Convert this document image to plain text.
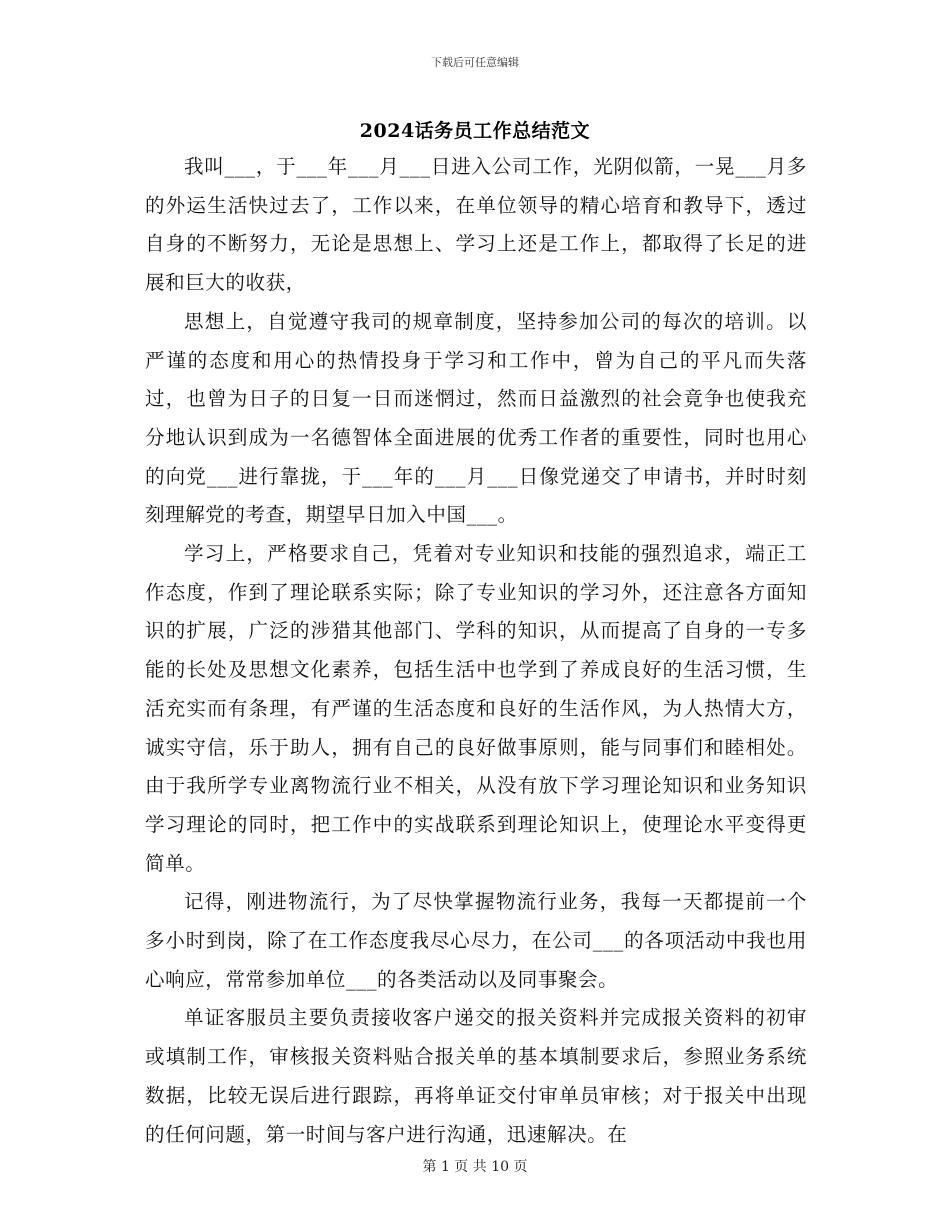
下载后可任意编辑
2024话务员工作总结范文

我叫___，于___年___月___日进入公司工作，光阴似箭，一晃___月多的外运生活快过去了，工作以来，在单位领导的精心培育和教导下，透过自身的不断努力，无论是思想上、学习上还是工作上，都取得了长足的进展和巨大的收获，

思想上，自觉遵守我司的规章制度，坚持参加公司的每次的培训。以严谨的态度和用心的热情投身于学习和工作中，曾为自己的平凡而失落过，也曾为日子的日复一日而迷惘过，然而日益激烈的社会竟争也使我充分地认识到成为一名德智体全面进展的优秀工作者的重要性，同时也用心的向党___进行靠拢，于___年的___月___日像党递交了申请书，并时时刻刻理解党的考查，期望早日加入中国___。

学习上，严格要求自己，凭着对专业知识和技能的强烈追求，端正工作态度，作到了理论联系实际；除了专业知识的学习外，还注意各方面知识的扩展，广泛的涉猎其他部门、学科的知识，从而提高了自身的一专多能的长处及思想文化素养，包括生活中也学到了养成良好的生活习惯，生活充实而有条理，有严谨的生活态度和良好的生活作风，为人热情大方，诚实守信，乐于助人，拥有自己的良好做事原则，能与同事们和睦相处。由于我所学专业离物流行业不相关，从没有放下学习理论知识和业务知识学习理论的同时，把工作中的实战联系到理论知识上，使理论水平变得更简单。

记得，刚进物流行，为了尽快掌握物流行业务，我每一天都提前一个多小时到岗，除了在工作态度我尽心尽力，在公司___的各项活动中我也用心响应，常常参加单位___的各类活动以及同事聚会。

单证客服员主要负责接收客户递交的报关资料并完成报关资料的初审或填制工作，审核报关资料贴合报关单的基本填制要求后，参照业务系统数据，比较无误后进行跟踪，再将单证交付审单员审核；对于报关中出现的任何问题，第一时间与客户进行沟通，迅速解决。在

第 1 页 共 10 页
